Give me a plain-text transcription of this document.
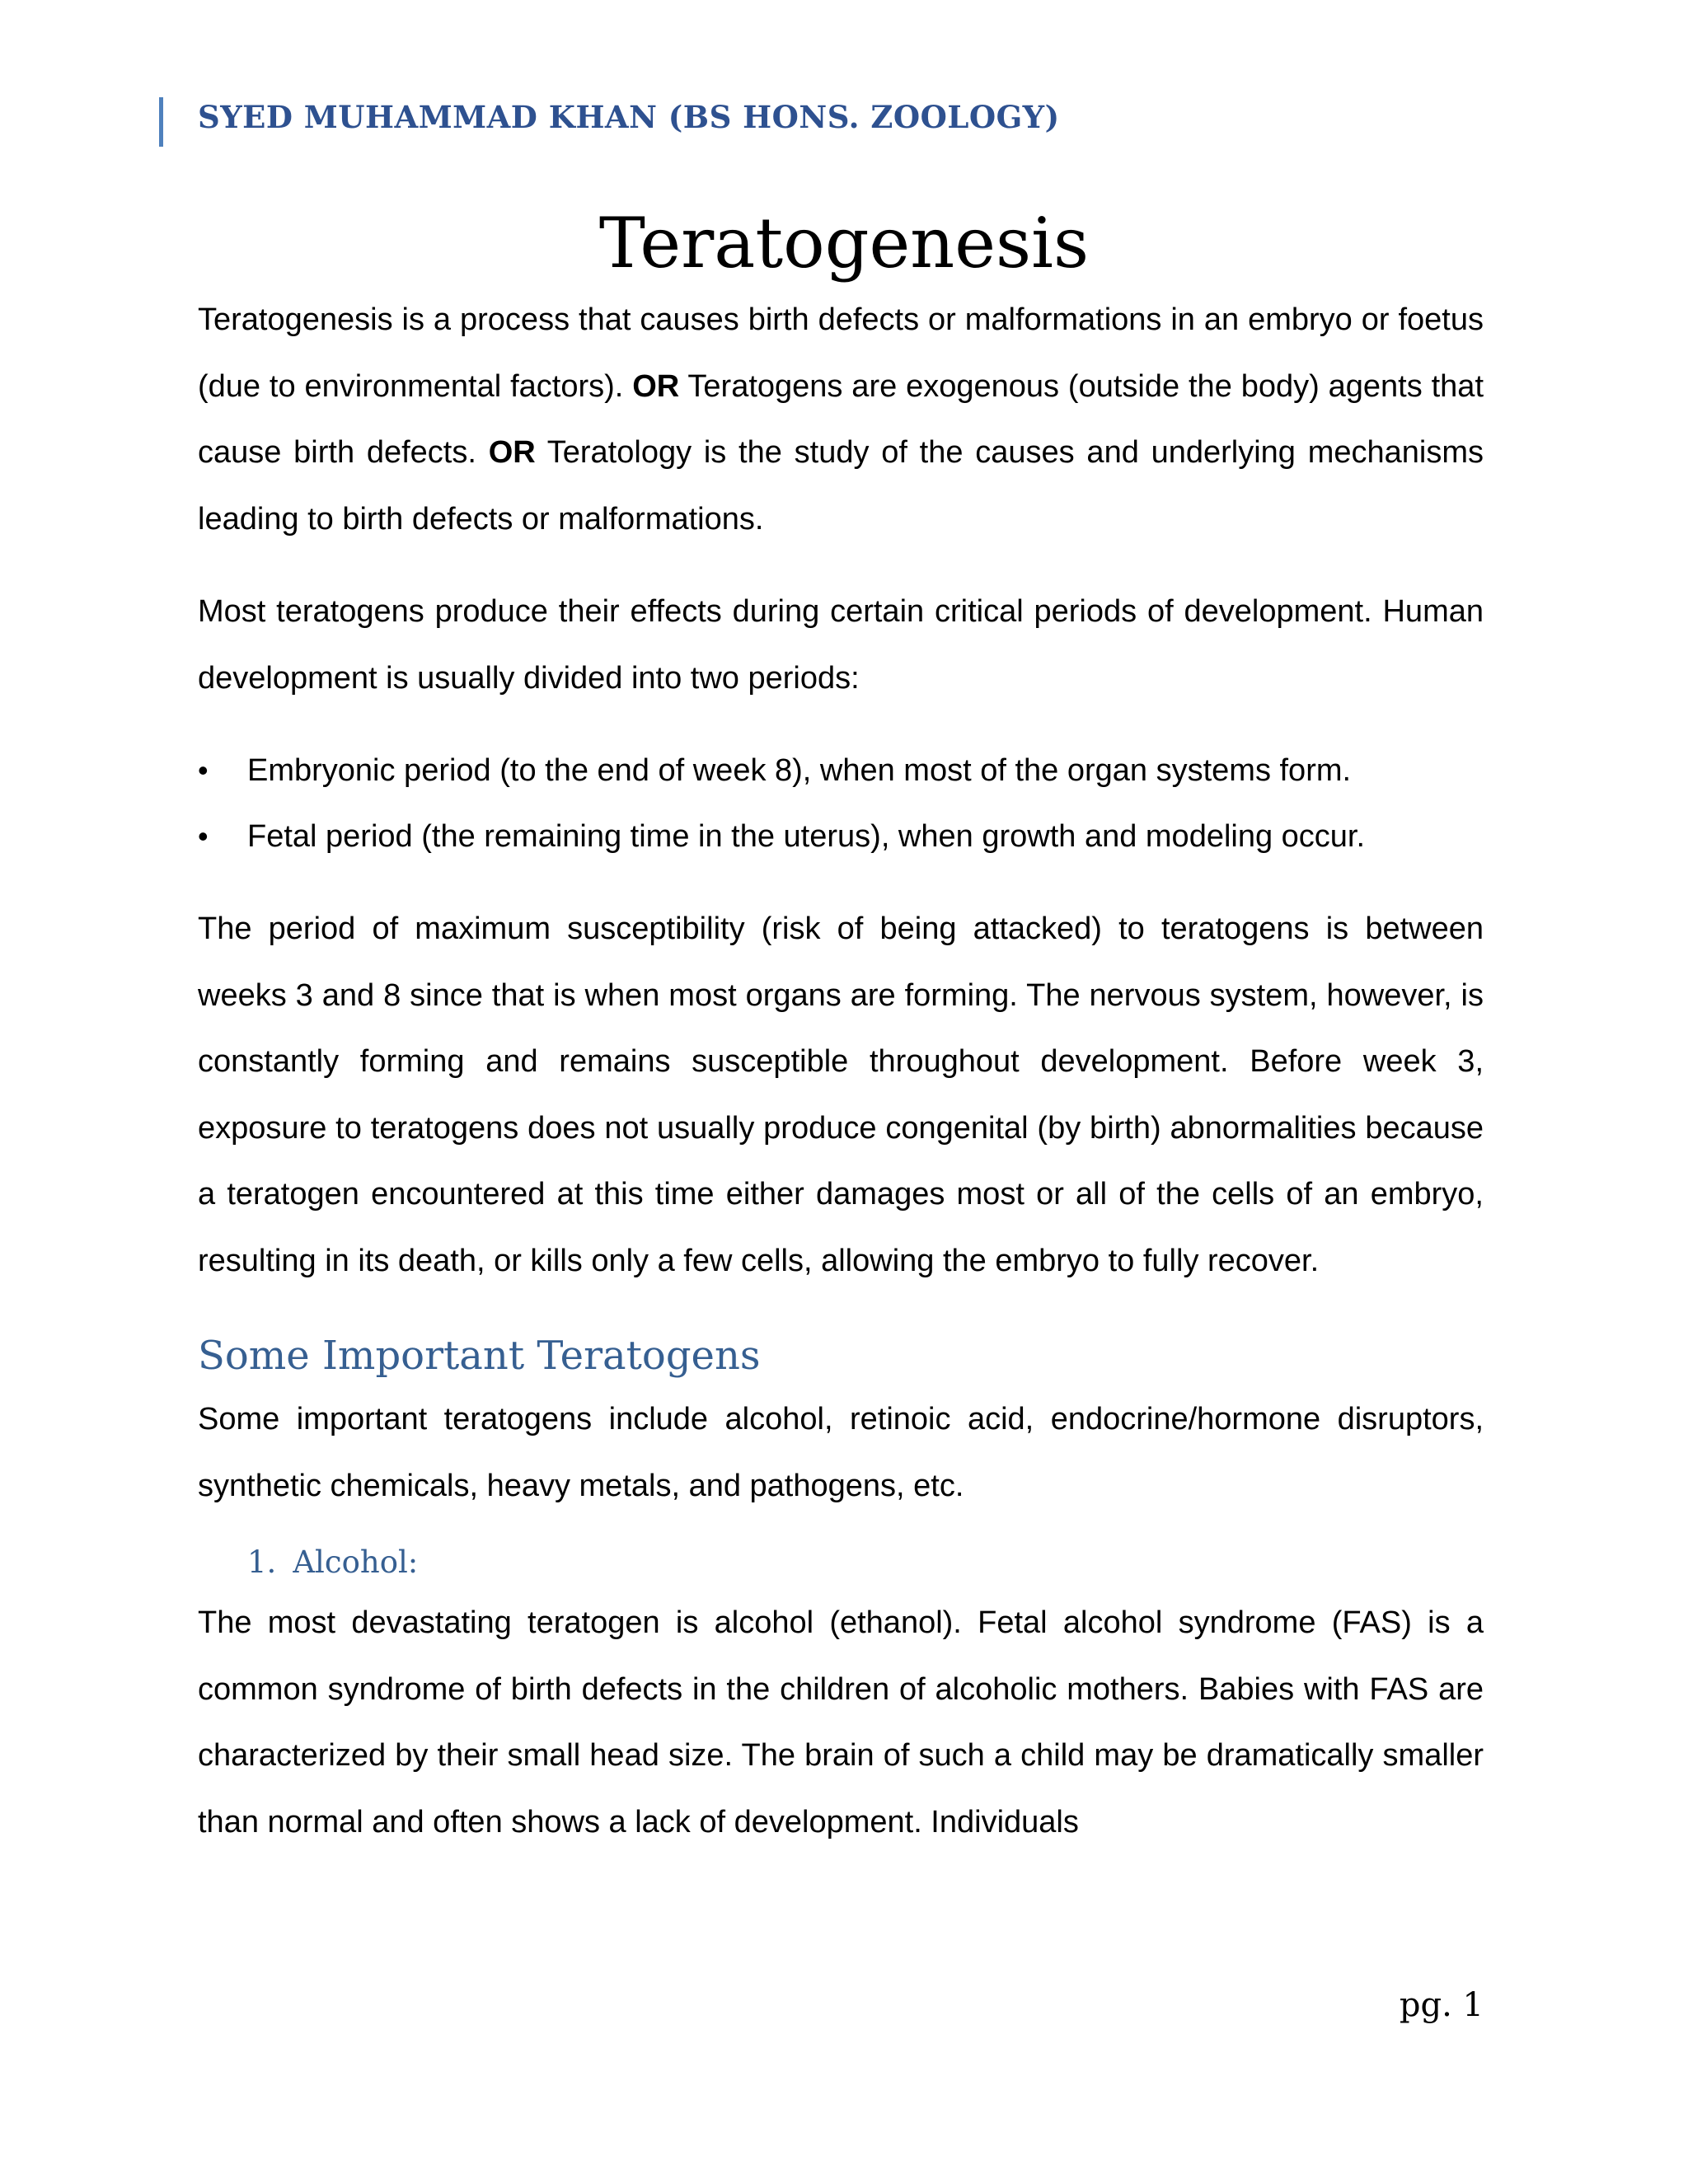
SYED MUHAMMAD KHAN (BS HONS. ZOOLOGY)
Teratogenesis

Teratogenesis is a process that causes birth defects or malformations in an embryo or foetus (due to environmental factors). OR Teratogens are exogenous (outside the body) agents that cause birth defects. OR Teratology is the study of the causes and underlying mechanisms leading to birth defects or malformations.

Most teratogens produce their effects during certain critical periods of development. Human development is usually divided into two periods:

• Embryonic period (to the end of week 8), when most of the organ systems form.
• Fetal period (the remaining time in the uterus), when growth and modeling occur.

The period of maximum susceptibility (risk of being attacked) to teratogens is between weeks 3 and 8 since that is when most organs are forming. The nervous system, however, is constantly forming and remains susceptible throughout development. Before week 3, exposure to teratogens does not usually produce congenital (by birth) abnormalities because a teratogen encountered at this time either damages most or all of the cells of an embryo, resulting in its death, or kills only a few cells, allowing the embryo to fully recover.

Some Important Teratogens

Some important teratogens include alcohol, retinoic acid, endocrine/hormone disruptors, synthetic chemicals, heavy metals, and pathogens, etc.

1. Alcohol:

The most devastating teratogen is alcohol (ethanol). Fetal alcohol syndrome (FAS) is a common syndrome of birth defects in the children of alcoholic mothers. Babies with FAS are characterized by their small head size. The brain of such a child may be dramatically smaller than normal and often shows a lack of development. Individuals

pg. 1
